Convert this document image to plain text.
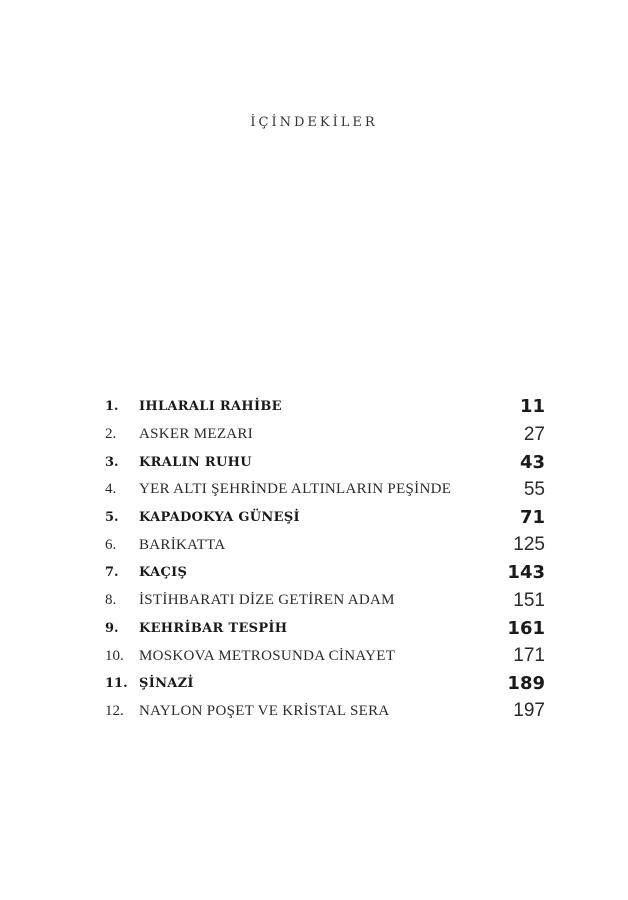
İÇİNDEKİLER
1.	IHLARALI RAHİBE	11
2.	ASKER MEZARI	27
3.	KRALIN RUHU	43
4.	YER ALTI ŞEHRİNDE ALTINLARIN PEŞİNDE	55
5.	KAPADOKYA GÜNEŞİ	71
6.	BARİKATTA	125
7.	KAÇIŞ	143
8.	İSTİHBARATI DİZE GETİREN ADAM	151
9.	KEHRİBAR TESPİH	161
10.	MOSKOVA METROSUNDA CİNAYET	171
11. ŞİNAZİ	189
12.	NAYLON POŞET VE KRİSTAL SERA	197
